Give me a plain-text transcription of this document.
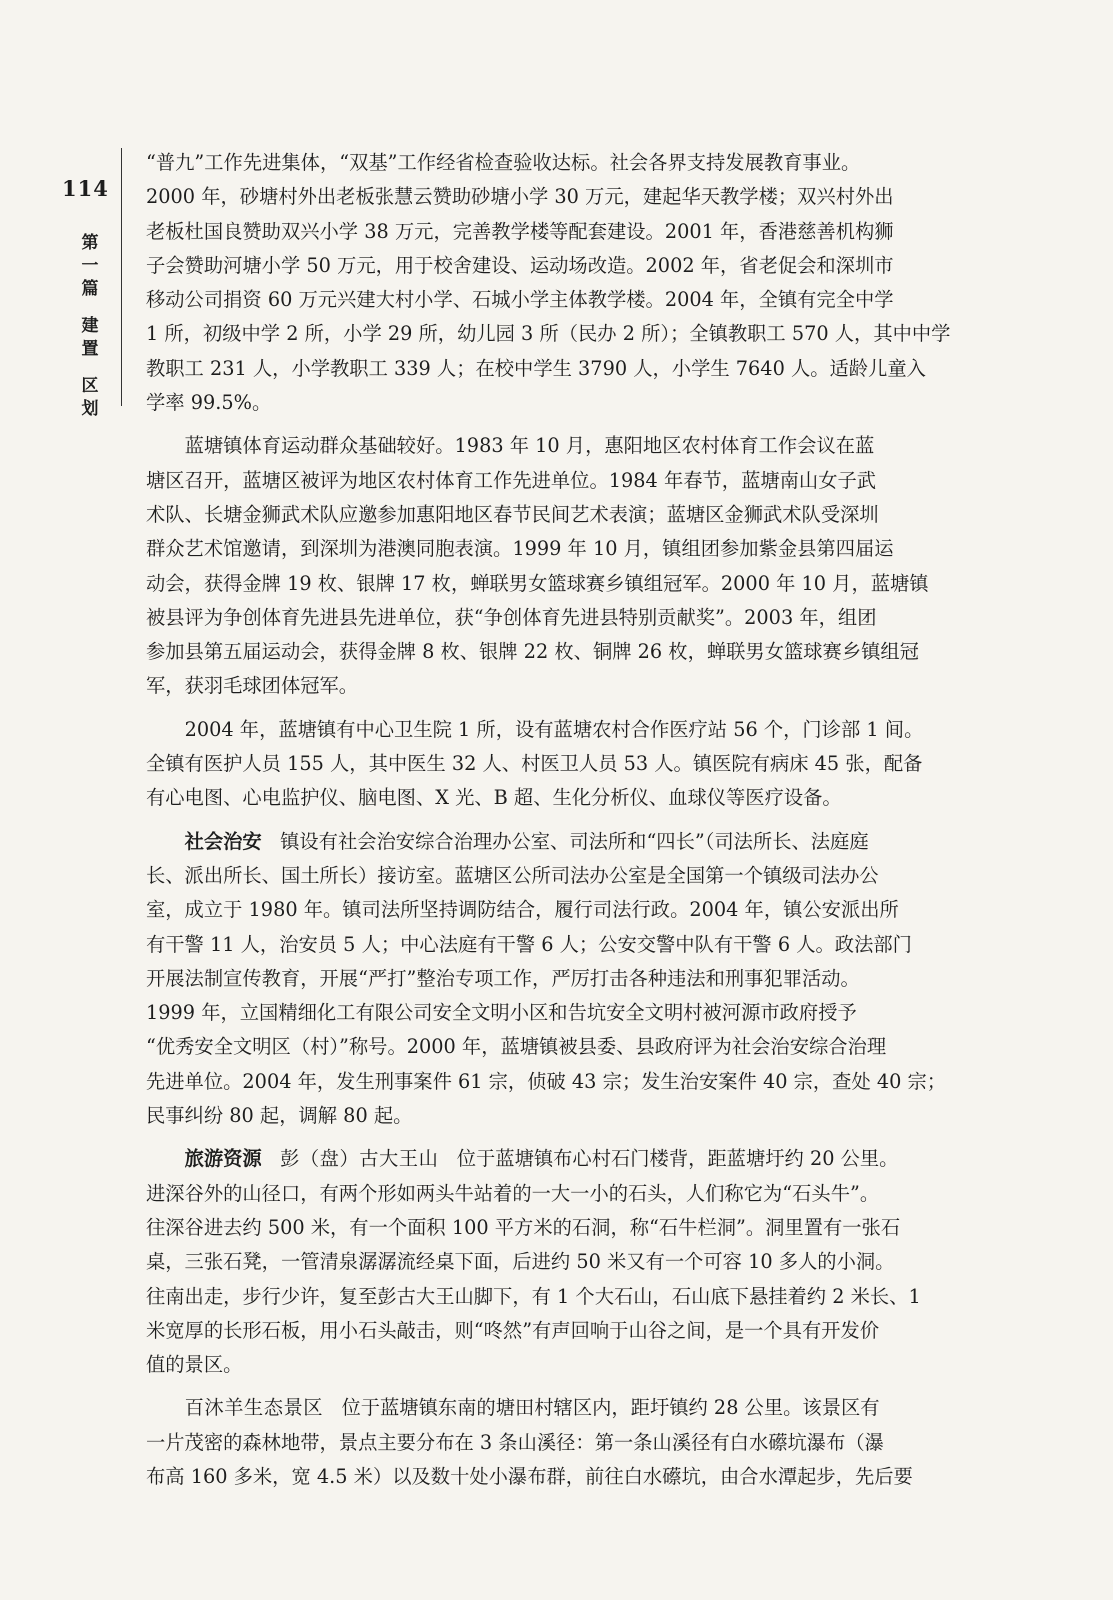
114
第
一
篇
建
置
区
划

“普九”工作先进集体，“双基”工作经省检查验收达标。社会各界支持发展教育事业。
2000 年，砂塘村外出老板张慧云赞助砂塘小学 30 万元，建起华天教学楼；双兴村外出
老板杜国良赞助双兴小学 38 万元，完善教学楼等配套建设。2001 年，香港慈善机构狮
子会赞助河塘小学 50 万元，用于校舍建设、运动场改造。2002 年，省老促会和深圳市
移动公司捐资 60 万元兴建大村小学、石城小学主体教学楼。2004 年，全镇有完全中学
1 所，初级中学 2 所，小学 29 所，幼儿园 3 所（民办 2 所）；全镇教职工 570 人，其中中学
教职工 231 人，小学教职工 339 人；在校中学生 3790 人，小学生 7640 人。适龄儿童入
学率 99.5%。

蓝塘镇体育运动群众基础较好。1983 年 10 月，惠阳地区农村体育工作会议在蓝
塘区召开，蓝塘区被评为地区农村体育工作先进单位。1984 年春节，蓝塘南山女子武
术队、长塘金狮武术队应邀参加惠阳地区春节民间艺术表演；蓝塘区金狮武术队受深圳
群众艺术馆邀请，到深圳为港澳同胞表演。1999 年 10 月，镇组团参加紫金县第四届运
动会，获得金牌 19 枚、银牌 17 枚，蝉联男女篮球赛乡镇组冠军。2000 年 10 月，蓝塘镇
被县评为争创体育先进县先进单位，获“争创体育先进县特别贡献奖”。2003 年，组团
参加县第五届运动会，获得金牌 8 枚、银牌 22 枚、铜牌 26 枚，蝉联男女篮球赛乡镇组冠
军，获羽毛球团体冠军。

2004 年，蓝塘镇有中心卫生院 1 所，设有蓝塘农村合作医疗站 56 个，门诊部 1 间。
全镇有医护人员 155 人，其中医生 32 人、村医卫人员 53 人。镇医院有病床 45 张，配备
有心电图、心电监护仪、脑电图、X 光、B 超、生化分析仪、血球仪等医疗设备。

社会治安 镇设有社会治安综合治理办公室、司法所和“四长”（司法所长、法庭庭
长、派出所长、国土所长）接访室。蓝塘区公所司法办公室是全国第一个镇级司法办公
室，成立于 1980 年。镇司法所坚持调防结合，履行司法行政。2004 年，镇公安派出所
有干警 11 人，治安员 5 人；中心法庭有干警 6 人；公安交警中队有干警 6 人。政法部门
开展法制宣传教育，开展“严打”整治专项工作，严厉打击各种违法和刑事犯罪活动。
1999 年，立国精细化工有限公司安全文明小区和告坑安全文明村被河源市政府授予
“优秀安全文明区（村）”称号。2000 年，蓝塘镇被县委、县政府评为社会治安综合治理
先进单位。2004 年，发生刑事案件 61 宗，侦破 43 宗；发生治安案件 40 宗，查处 40 宗；
民事纠纷 80 起，调解 80 起。

旅游资源 彭（盘）古大王山 位于蓝塘镇布心村石门楼背，距蓝塘圩约 20 公里。
进深谷外的山径口，有两个形如两头牛站着的一大一小的石头，人们称它为“石头牛”。
往深谷进去约 500 米，有一个面积 100 平方米的石洞，称“石牛栏洞”。洞里置有一张石
桌，三张石凳，一管清泉潺潺流经桌下面，后进约 50 米又有一个可容 10 多人的小洞。
往南出走，步行少许，复至彭古大王山脚下，有 1 个大石山，石山底下悬挂着约 2 米长、1
米宽厚的长形石板，用小石头敲击，则“咚然”有声回响于山谷之间，是一个具有开发价
值的景区。

百沐羊生态景区 位于蓝塘镇东南的塘田村辖区内，距圩镇约 28 公里。该景区有
一片茂密的森林地带，景点主要分布在 3 条山溪径：第一条山溪径有白水礤坑瀑布（瀑
布高 160 多米，宽 4.5 米）以及数十处小瀑布群，前往白水礤坑，由合水潭起步，先后要
